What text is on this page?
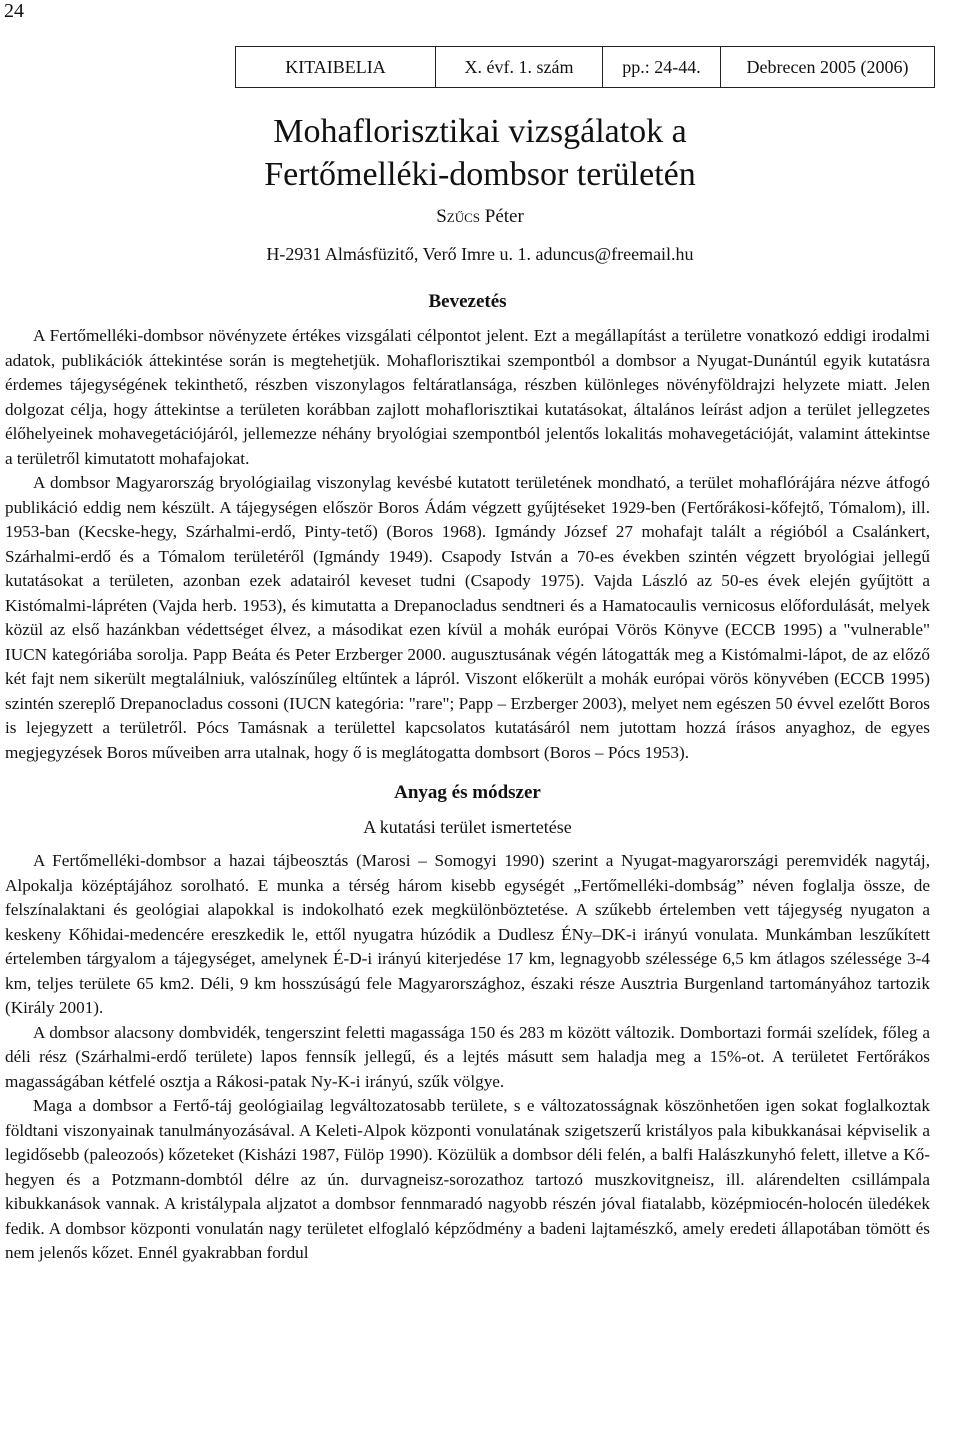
24
KITAIBELIA	X. évf. 1. szám	pp.: 24-44.	Debrecen 2005 (2006)
Mohaflorisztikai vizsgálatok a
Fertőmelléki-dombsor területén
Szűcs Péter
H-2931 Almásfüzitő, Verő Imre u. 1. aduncus@freemail.hu

Bevezetés

A Fertőmelléki-dombsor növényzete értékes vizsgálati célpontot jelent. Ezt a megállapítást a területre vonatkozó eddigi irodalmi adatok, publikációk áttekintése során is megtehetjük. Mohaflorisztikai szempontból a dombsor a Nyugat-Dunántúl egyik kutatásra érdemes tájegységének tekinthető, részben viszonylagos feltáratlansága, részben különleges növényföldrajzi helyzete miatt. Jelen dolgozat célja, hogy áttekintse a területen korábban zajlott mohaflorisztikai kutatásokat, általános leírást adjon a terület jellegzetes élőhelyeinek mohavegetációjáról, jellemezze néhány bryológiai szempontból jelentős lokalitás mohavegetációját, valamint áttekintse a területről kimutatott mohafajokat.

A dombsor Magyarország bryológiailag viszonylag kevésbé kutatott területének mondható, a terület mohaflórájára nézve átfogó publikáció eddig nem készült. A tájegységen először Boros Ádám végzett gyűjtéseket 1929-ben (Fertőrákosi-kőfejtő, Tómalom), ill. 1953-ban (Kecske-hegy, Szárhalmi-erdő, Pinty-tető) (Boros 1968). Igmándy József 27 mohafajt talált a régióból a Csalánkert, Szárhalmi-erdő és a Tómalom területéről (Igmándy 1949). Csapody István a 70-es években szintén végzett bryológiai jellegű kutatásokat a területen, azonban ezek adatairól keveset tudni (Csapody 1975). Vajda László az 50-es évek elején gyűjtött a Kistómalmi-lápréten (Vajda herb. 1953), és kimutatta a Drepanocladus sendtneri és a Hamatocaulis vernicosus előfordulását, melyek közül az első hazánkban védettséget élvez, a másodikat ezen kívül a mohák európai Vörös Könyve (ECCB 1995) a "vulnerable" IUCN kategóriába sorolja. Papp Beáta és Peter Erzberger 2000. augusztusának végén látogatták meg a Kistómalmi-lápot, de az előző két fajt nem sikerült megtalálniuk, valószínűleg eltűntek a lápról. Viszont előkerült a mohák európai vörös könyvében (ECCB 1995) szintén szereplő Drepanocladus cossoni (IUCN kategória: "rare"; Papp – Erzberger 2003), melyet nem egészen 50 évvel ezelőtt Boros is lejegyzett a területről. Pócs Tamásnak a területtel kapcsolatos kutatásáról nem jutottam hozzá írásos anyaghoz, de egyes megjegyzések Boros műveiben arra utalnak, hogy ő is meglátogatta dombsort (Boros – Pócs 1953).

Anyag és módszer

A kutatási terület ismertetése

A Fertőmelléki-dombsor a hazai tájbeosztás (Marosi – Somogyi 1990) szerint a Nyugat-magyarországi peremvidék nagytáj, Alpokalja középtájához sorolható. E munka a térség három kisebb egységét „Fertőmelléki-dombság” néven foglalja össze, de felszínalaktani és geológiai alapokkal is indokolható ezek megkülönböztetése. A szűkebb értelemben vett tájegység nyugaton a keskeny Kőhidai-medencére ereszkedik le, ettől nyugatra húzódik a Dudlesz ÉNy–DK-i irányú vonulata. Munkámban leszűkített értelemben tárgyalom a tájegységet, amelynek É-D-i irányú kiterjedése 17 km, legnagyobb szélessége 6,5 km átlagos szélessége 3-4 km, teljes területe 65 km2. Déli, 9 km hosszúságú fele Magyarországhoz, északi része Ausztria Burgenland tartományához tartozik (Király 2001).

A dombsor alacsony dombvidék, tengerszint feletti magassága 150 és 283 m között változik. Dombortazi formái szelídek, főleg a déli rész (Szárhalmi-erdő területe) lapos fennsík jellegű, és a lejtés másutt sem haladja meg a 15%-ot. A területet Fertőrákos magasságában kétfelé osztja a Rákosi-patak Ny-K-i irányú, szűk völgye.

Maga a dombsor a Fertő-táj geológiailag legváltozatosabb területe, s e változatosságnak köszönhetően igen sokat foglalkoztak földtani viszonyainak tanulmányozásával. A Keleti-Alpok központi vonulatának szigetszerű kristályos pala kibukkanásai képviselik a legidősebb (paleozoós) kőzeteket (Kisházi 1987, Fülöp 1990). Közülük a dombsor déli felén, a balfi Halászkunyhó felett, illetve a Kő-hegyen és a Potzmann-dombtól délre az ún. durvagneisz-sorozathoz tartozó muszkovitgneisz, ill. alárendelten csillámpala kibukkanások vannak. A kristálypala aljzatot a dombsor fennmaradó nagyobb részén jóval fiatalabb, középmiocén-holocén üledékek fedik. A dombsor központi vonulatán nagy területet elfoglaló képződmény a badeni lajtamészkő, amely eredeti állapotában tömött és nem jelenős kőzet. Ennél gyakrabban fordul
